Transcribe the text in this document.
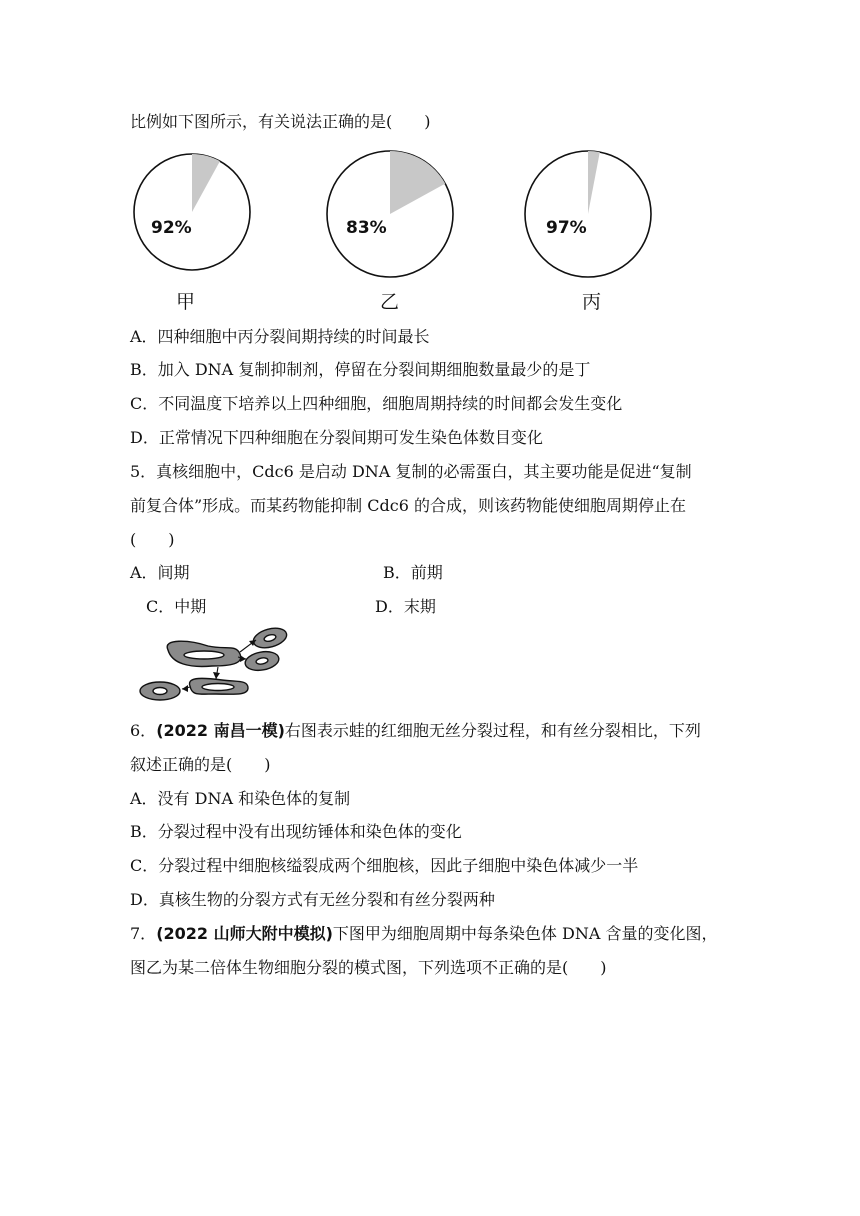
比例如下图所示，有关说法正确的是(　　)
92%	83%	97%
甲	乙	丙
A．四种细胞中丙分裂间期持续的时间最长
B．加入 DNA 复制抑制剂，停留在分裂间期细胞数量最少的是丁
C．不同温度下培养以上四种细胞，细胞周期持续的时间都会发生变化
D．正常情况下四种细胞在分裂间期可发生染色体数目变化
5．真核细胞中，Cdc6 是启动 DNA 复制的必需蛋白，其主要功能是促进“复制
前复合体”形成。而某药物能抑制 Cdc6 的合成，则该药物能使细胞周期停止在
(　　)
A．间期	B．前期
C．中期	D．末期
6．(2022 南昌一模)右图表示蛙的红细胞无丝分裂过程，和有丝分裂相比，下列
叙述正确的是(　　)
A．没有 DNA 和染色体的复制
B．分裂过程中没有出现纺锤体和染色体的变化
C．分裂过程中细胞核缢裂成两个细胞核，因此子细胞中染色体减少一半
D．真核生物的分裂方式有无丝分裂和有丝分裂两种
7．(2022 山师大附中模拟)下图甲为细胞周期中每条染色体 DNA 含量的变化图，
图乙为某二倍体生物细胞分裂的模式图，下列选项不正确的是(　　)
